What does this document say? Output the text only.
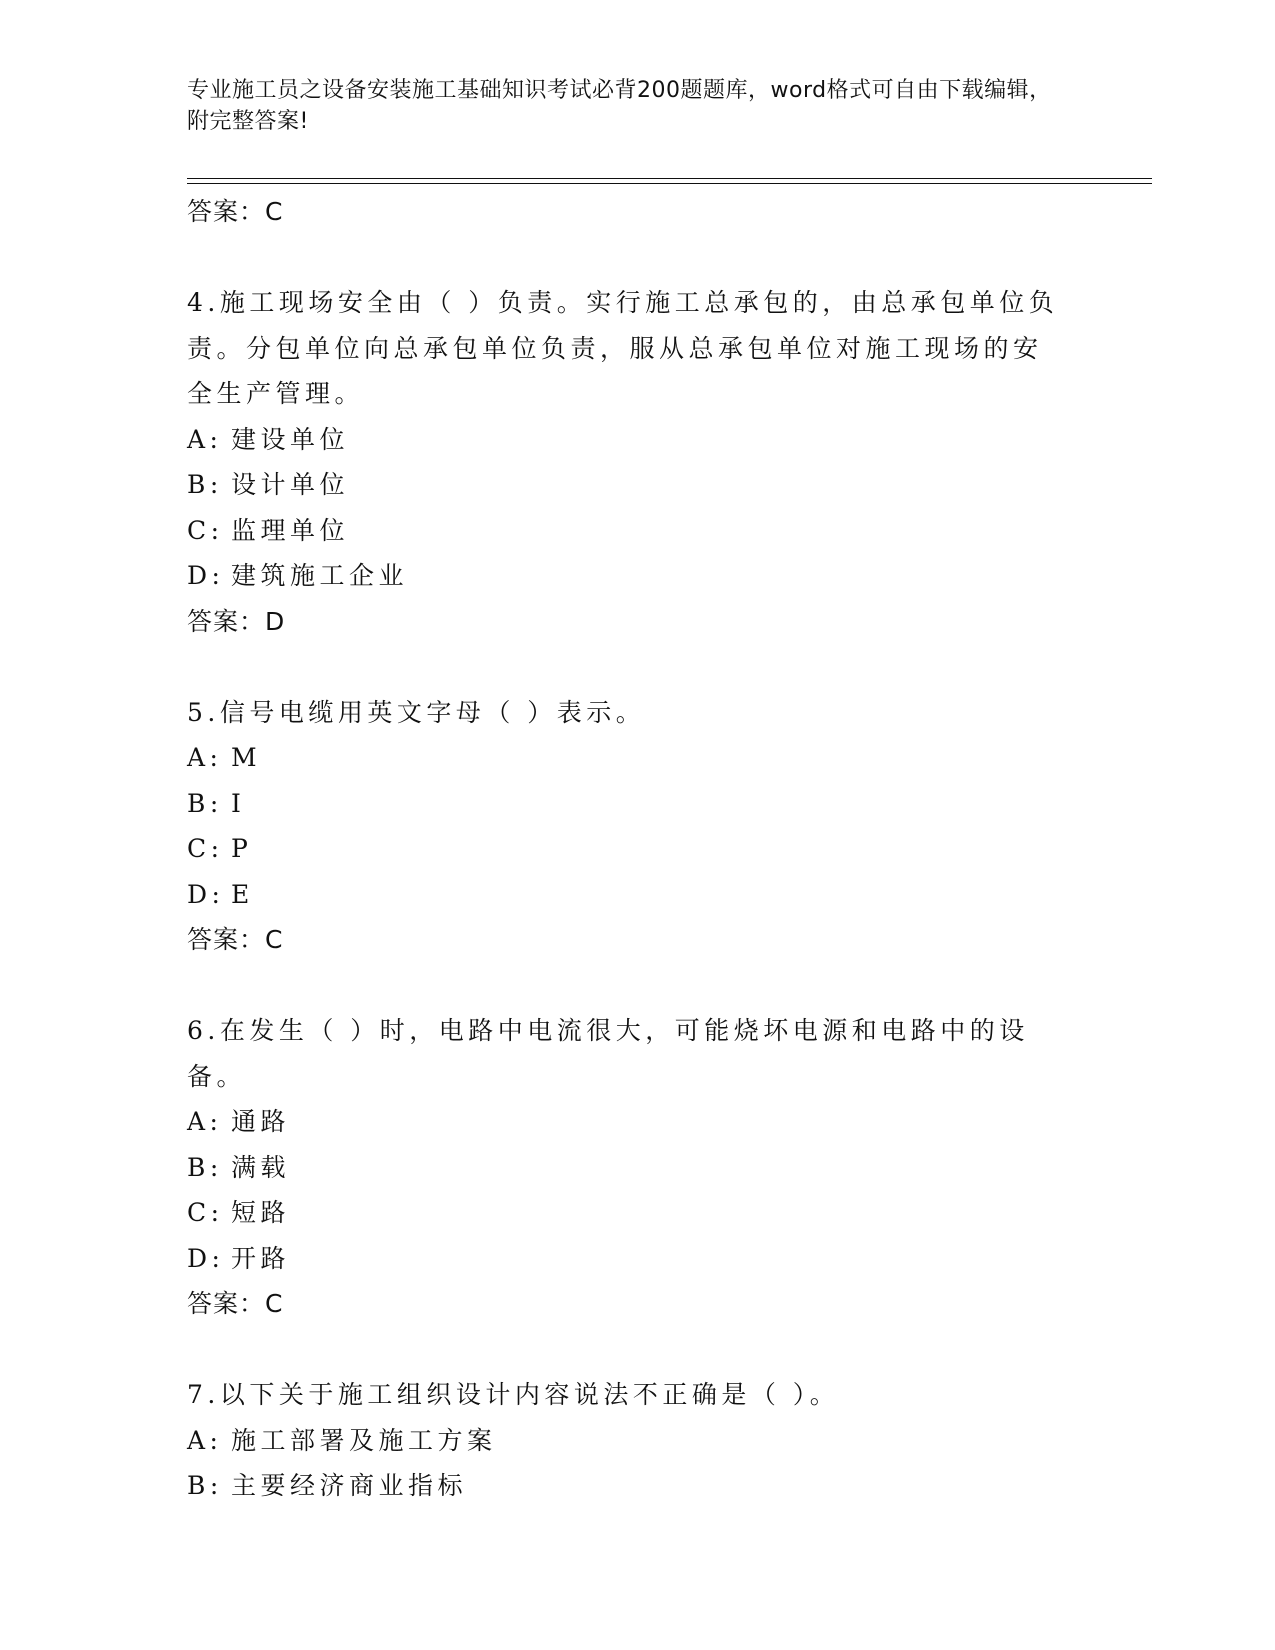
专业施工员之设备安装施工基础知识考试必背200题题库，word格式可自由下载编辑，附完整答案!
答案：C
4.施工现场安全由（ ）负责。实行施工总承包的，由总承包单位负责。分包单位向总承包单位负责，服从总承包单位对施工现场的安全生产管理。
A: 建设单位
B: 设计单位
C: 监理单位
D: 建筑施工企业
答案：D
5.信号电缆用英文字母（ ）表示。
A: M
B: I
C: P
D: E
答案：C
6.在发生（ ）时，电路中电流很大，可能烧坏电源和电路中的设备。
A: 通路
B: 满载
C: 短路
D: 开路
答案：C
7.以下关于施工组织设计内容说法不正确是（ ）。
A: 施工部署及施工方案
B: 主要经济商业指标
